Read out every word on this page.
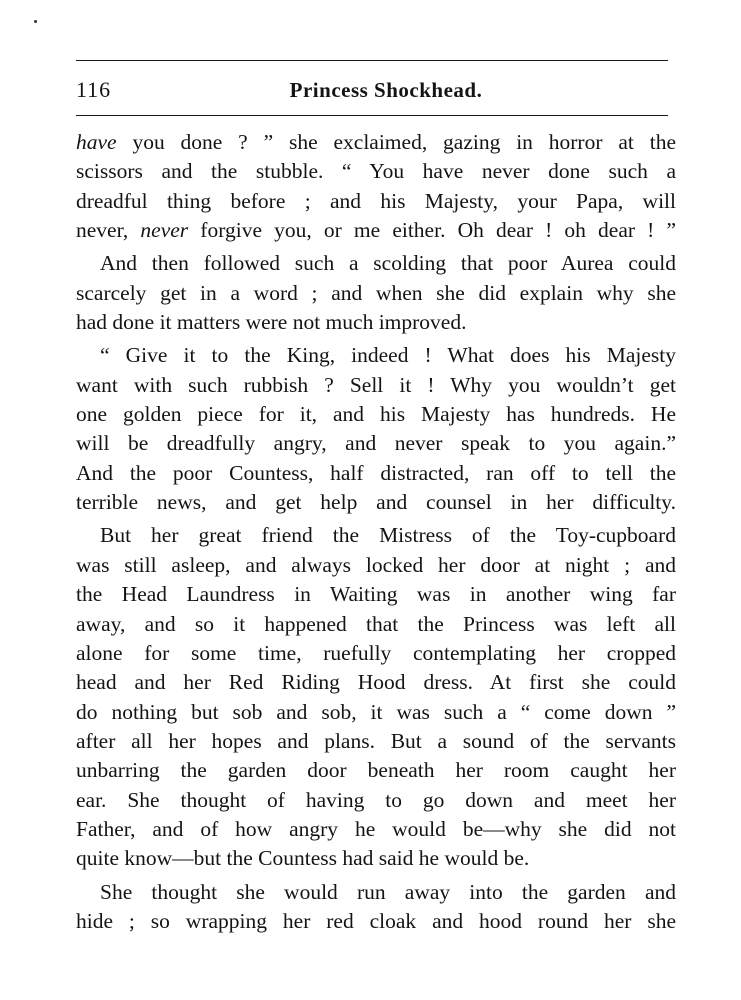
116	Princess Shockhead.
have you done ? ” she exclaimed, gazing in horror at the
scissors and the stubble. “ You have never done such a
dreadful thing before ; and his Majesty, your Papa, will
never, never forgive you, or me either. Oh dear ! oh dear ! ”
And then followed such a scolding that poor Aurea could
scarcely get in a word ; and when she did explain why she
had done it matters were not much improved.
“ Give it to the King, indeed ! What does his Majesty
want with such rubbish ? Sell it ! Why you wouldn’t get
one golden piece for it, and his Majesty has hundreds. He
will be dreadfully angry, and never speak to you again.”
And the poor Countess, half distracted, ran off to tell the
terrible news, and get help and counsel in her difficulty.
But her great friend the Mistress of the Toy-cupboard
was still asleep, and always locked her door at night ; and
the Head Laundress in Waiting was in another wing far
away, and so it happened that the Princess was left all
alone for some time, ruefully contemplating her cropped
head and her Red Riding Hood dress. At first she could
do nothing but sob and sob, it was such a “ come down ”
after all her hopes and plans. But a sound of the servants
unbarring the garden door beneath her room caught her
ear. She thought of having to go down and meet her
Father, and of how angry he would be—why she did not
quite know—but the Countess had said he would be.
She thought she would run away into the garden and
hide ; so wrapping her red cloak and hood round her she
